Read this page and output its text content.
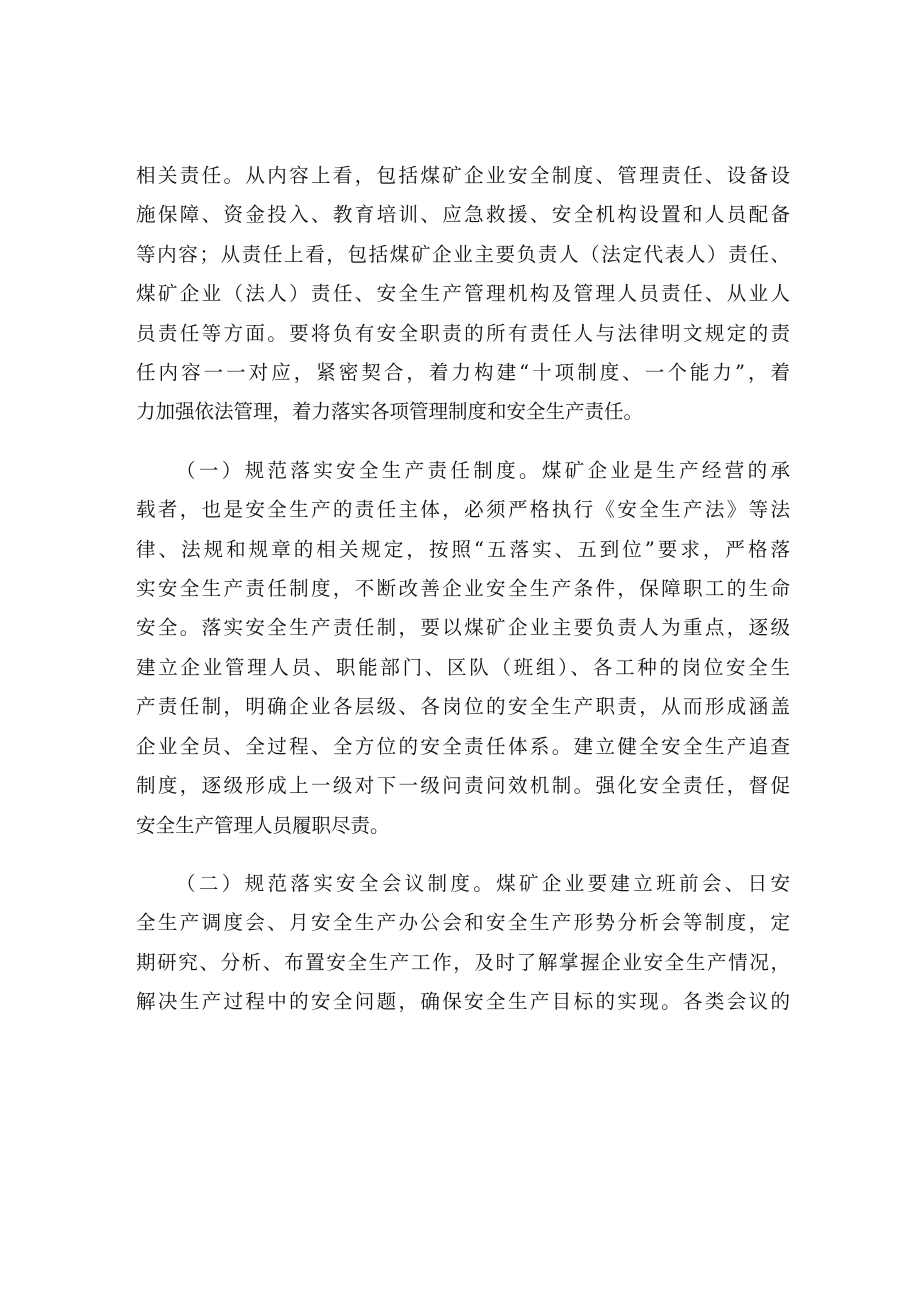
相关责任。从内容上看，包括煤矿企业安全制度、管理责任、设备设
施保障、资金投入、教育培训、应急救援、安全机构设置和人员配备
等内容；从责任上看，包括煤矿企业主要负责人（法定代表人）责任、
煤矿企业（法人）责任、安全生产管理机构及管理人员责任、从业人
员责任等方面。要将负有安全职责的所有责任人与法律明文规定的责
任内容一一对应，紧密契合，着力构建“十项制度、一个能力”，着
力加强依法管理，着力落实各项管理制度和安全生产责任。
（一）规范落实安全生产责任制度。煤矿企业是生产经营的承
载者，也是安全生产的责任主体，必须严格执行《安全生产法》等法
律、法规和规章的相关规定，按照“五落实、五到位”要求，严格落
实安全生产责任制度，不断改善企业安全生产条件，保障职工的生命
安全。落实安全生产责任制，要以煤矿企业主要负责人为重点，逐级
建立企业管理人员、职能部门、区队（班组）、各工种的岗位安全生
产责任制，明确企业各层级、各岗位的安全生产职责，从而形成涵盖
企业全员、全过程、全方位的安全责任体系。建立健全安全生产追查
制度，逐级形成上一级对下一级问责问效机制。强化安全责任，督促
安全生产管理人员履职尽责。
（二）规范落实安全会议制度。煤矿企业要建立班前会、日安
全生产调度会、月安全生产办公会和安全生产形势分析会等制度，定
期研究、分析、布置安全生产工作，及时了解掌握企业安全生产情况，
解决生产过程中的安全问题，确保安全生产目标的实现。各类会议的
